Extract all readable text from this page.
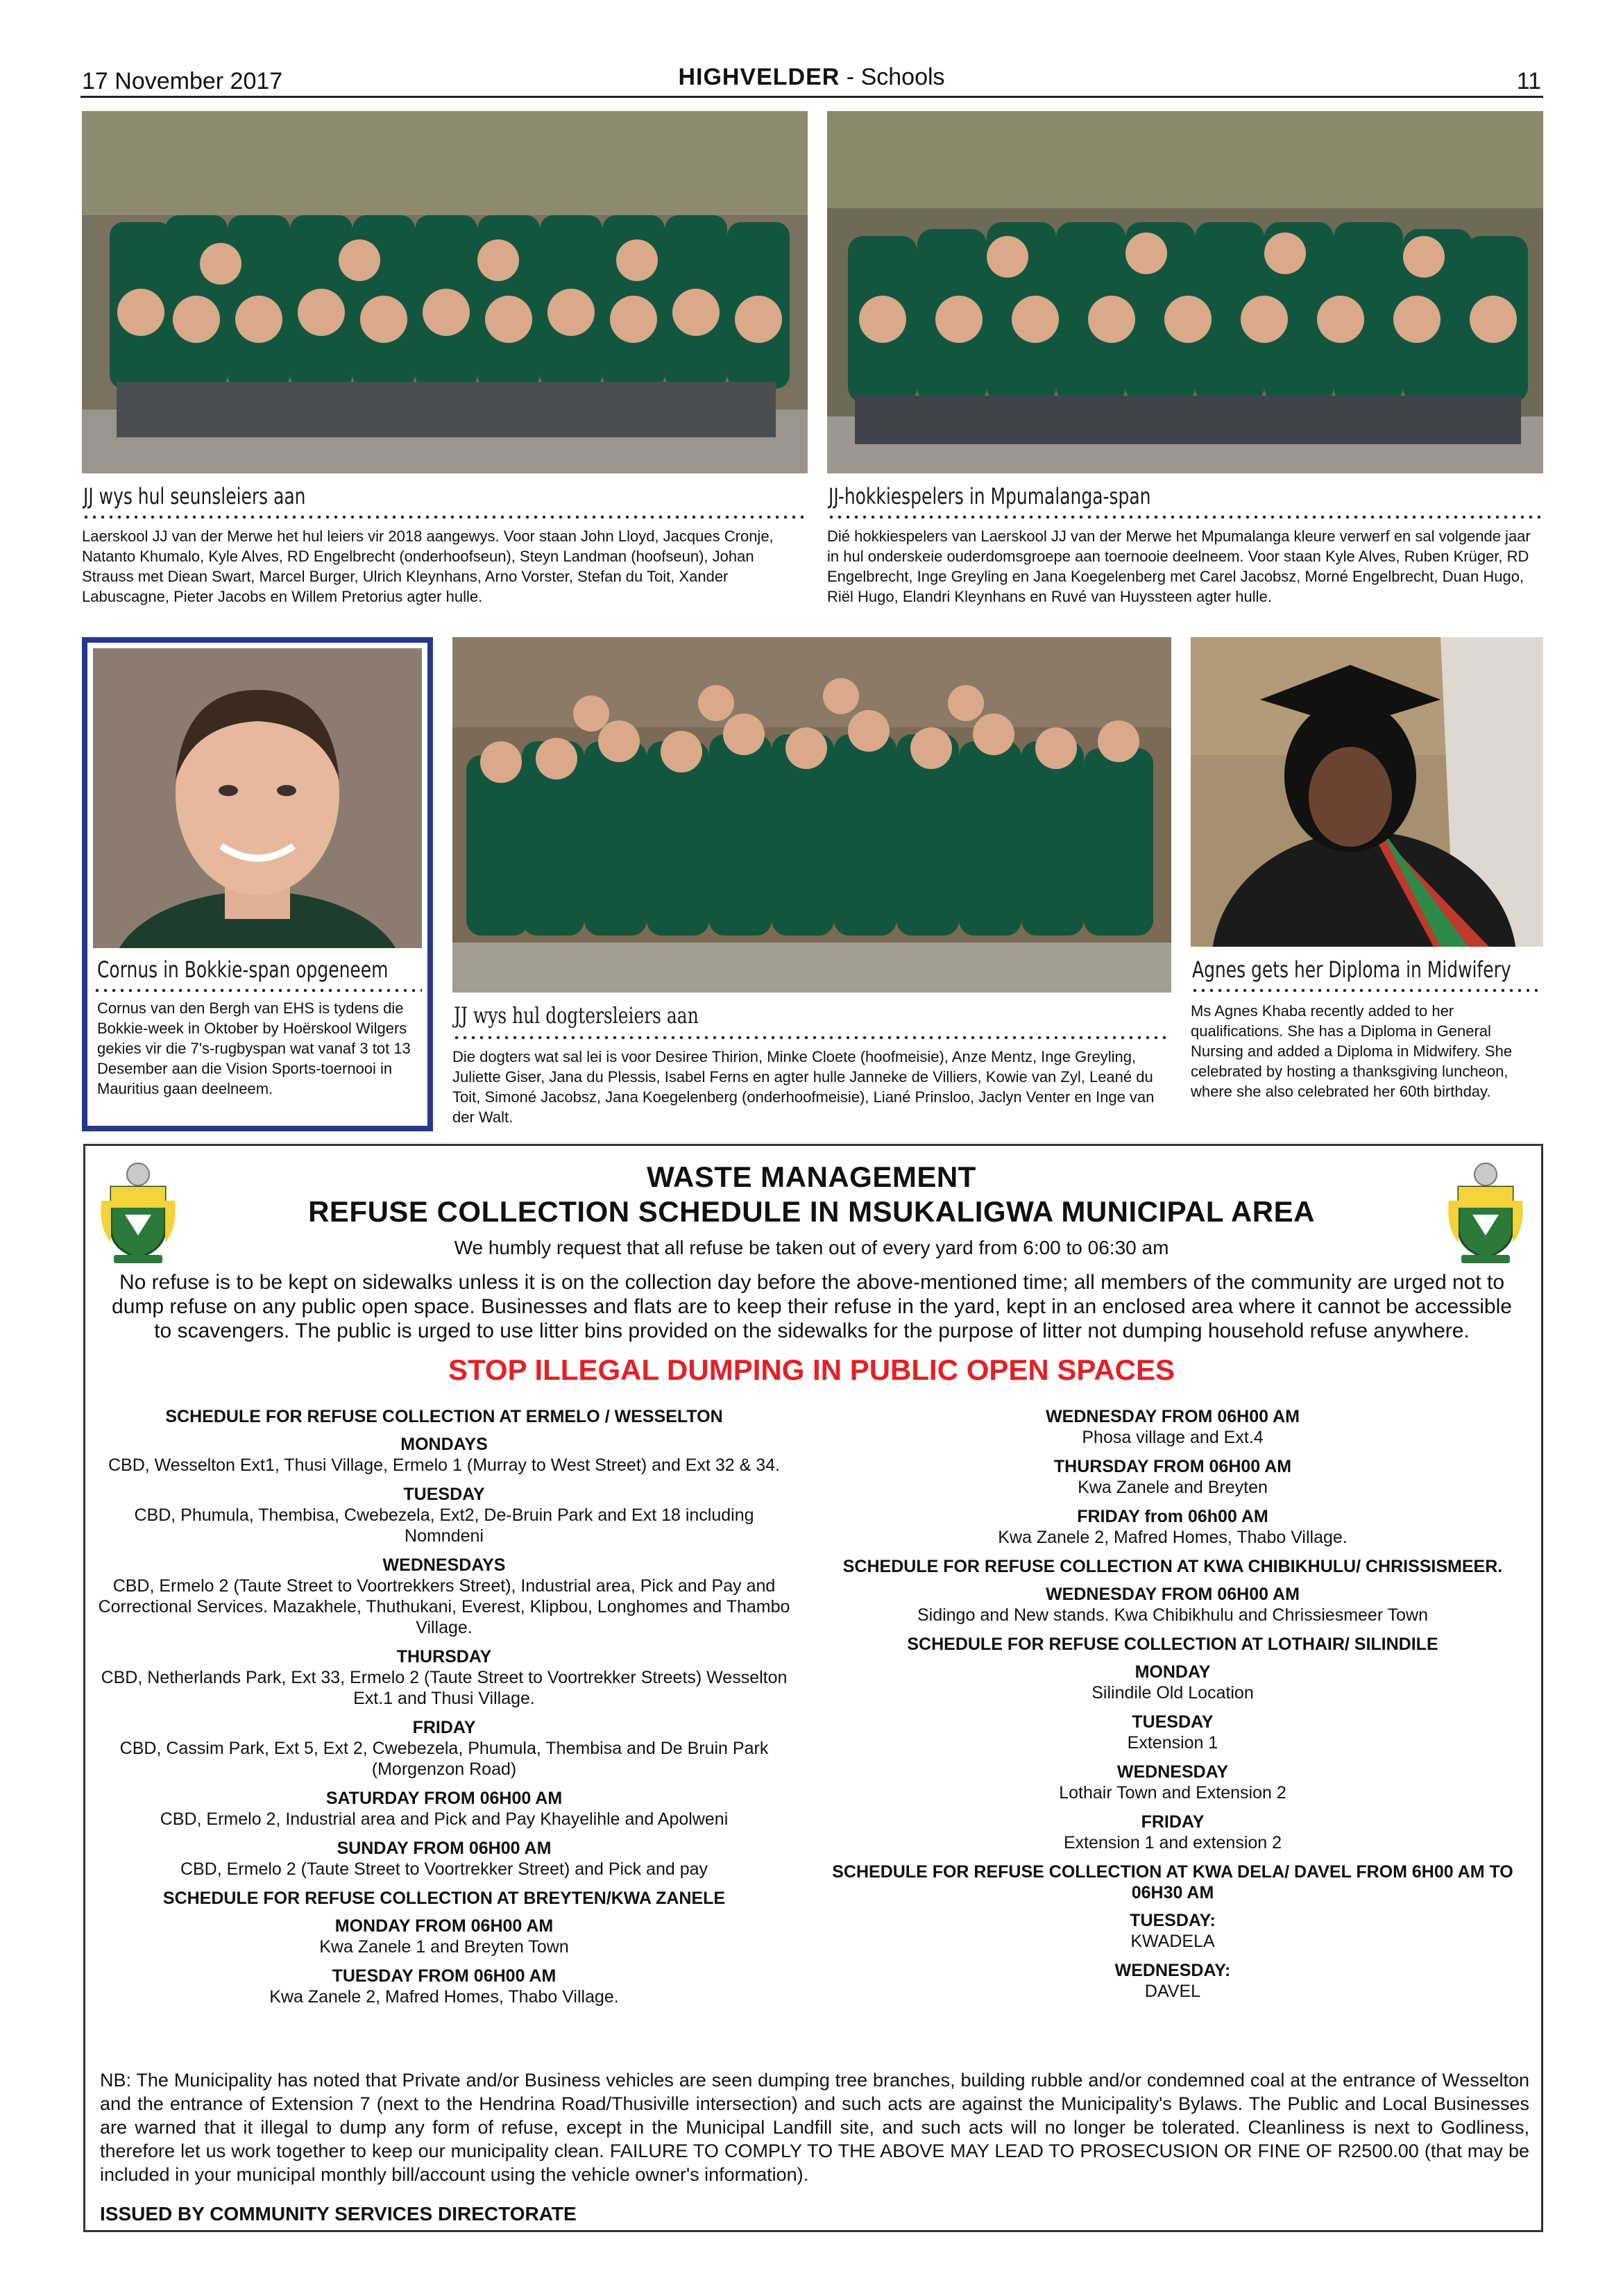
17 November 2017	HIGHVELDER - Schools	11
JJ wys hul seunsleiers aan
Laerskool JJ van der Merwe het hul leiers vir 2018 aangewys. Voor staan John Lloyd, Jacques Cronje, Natanto Khumalo, Kyle Alves, RD Engelbrecht (onderhoofseun), Steyn Landman (hoofseun), Johan Strauss met Diean Swart, Marcel Burger, Ulrich Kleynhans, Arno Vorster, Stefan du Toit, Xander Labuscagne, Pieter Jacobs en Willem Pretorius agter hulle.
JJ-hokkiespelers in Mpumalanga-span
Dié hokkiespelers van Laerskool JJ van der Merwe het Mpumalanga kleure verwerf en sal volgende jaar in hul onderskeie ouderdomsgroepe aan toernooie deelneem. Voor staan Kyle Alves, Ruben Krüger, RD Engelbrecht, Inge Greyling en Jana Koegelenberg met Carel Jacobsz, Morné Engelbrecht, Duan Hugo, Riël Hugo, Elandri Kleynhans en Ruvé van Huyssteen agter hulle.
Cornus in Bokkie-span opgeneem
Cornus van den Bergh van EHS is tydens die Bokkie-week in Oktober by Hoërskool Wilgers gekies vir die 7's-rugbyspan wat vanaf 3 tot 13 Desember aan die Vision Sports-toernooi in Mauritius gaan deelneem.
JJ wys hul dogtersleiers aan
Die dogters wat sal lei is voor Desiree Thirion, Minke Cloete (hoofmeisie), Anze Mentz, Inge Greyling, Juliette Giser, Jana du Plessis, Isabel Ferns en agter hulle Janneke de Villiers, Kowie van Zyl, Leané du Toit, Simoné Jacobsz, Jana Koegelenberg (onderhoofmeisie), Liané Prinsloo, Jaclyn Venter en Inge van der Walt.
Agnes gets her Diploma in Midwifery
Ms Agnes Khaba recently added to her qualifications. She has a Diploma in General Nursing and added a Diploma in Midwifery. She celebrated by hosting a thanksgiving luncheon, where she also celebrated her 60th birthday.
WASTE MANAGEMENT
REFUSE COLLECTION SCHEDULE IN MSUKALIGWA MUNICIPAL AREA
We humbly request that all refuse be taken out of every yard from 6:00 to 06:30 am
No refuse is to be kept on sidewalks unless it is on the collection day before the above-mentioned time; all members of the community are urged not to dump refuse on any public open space. Businesses and flats are to keep their refuse in the yard, kept in an enclosed area where it cannot be accessible to scavengers. The public is urged to use litter bins provided on the sidewalks for the purpose of litter not dumping household refuse anywhere.
STOP ILLEGAL DUMPING IN PUBLIC OPEN SPACES
SCHEDULE FOR REFUSE COLLECTION AT ERMELO / WESSELTON
MONDAYS
CBD, Wesselton Ext1, Thusi Village, Ermelo 1 (Murray to West Street) and Ext 32 & 34.
TUESDAY
CBD, Phumula, Thembisa, Cwebezela, Ext2, De-Bruin Park and Ext 18 including Nomndeni
WEDNESDAYS
CBD, Ermelo 2 (Taute Street to Voortrekkers Street), Industrial area, Pick and Pay and Correctional Services. Mazakhele, Thuthukani, Everest, Klipbou, Longhomes and Thambo Village.
THURSDAY
CBD, Netherlands Park, Ext 33, Ermelo 2 (Taute Street to Voortrekker Streets) Wesselton Ext.1 and Thusi Village.
FRIDAY
CBD, Cassim Park, Ext 5, Ext 2, Cwebezela, Phumula, Thembisa and De Bruin Park (Morgenzon Road)
SATURDAY FROM 06H00 AM
CBD, Ermelo 2, Industrial area and Pick and Pay Khayelihle and Apolweni
SUNDAY FROM 06H00 AM
CBD, Ermelo 2 (Taute Street to Voortrekker Street) and Pick and pay
SCHEDULE FOR REFUSE COLLECTION AT BREYTEN/KWA ZANELE
MONDAY FROM 06H00 AM
Kwa Zanele 1 and Breyten Town
TUESDAY FROM 06H00 AM
Kwa Zanele 2, Mafred Homes, Thabo Village.
WEDNESDAY FROM 06H00 AM
Phosa village and Ext.4
THURSDAY FROM 06H00 AM
Kwa Zanele and Breyten
FRIDAY from 06h00 AM
Kwa Zanele 2, Mafred Homes, Thabo Village.
SCHEDULE FOR REFUSE COLLECTION AT KWA CHIBIKHULU/ CHRISSISMEER.
WEDNESDAY FROM 06H00 AM
Sidingo and New stands. Kwa Chibikhulu and Chrissiesmeer Town
SCHEDULE FOR REFUSE COLLECTION AT LOTHAIR/ SILINDILE
MONDAY
Silindile Old Location
TUESDAY
Extension 1
WEDNESDAY
Lothair Town and Extension 2
FRIDAY
Extension 1 and extension 2
SCHEDULE FOR REFUSE COLLECTION AT KWA DELA/ DAVEL FROM 6H00 AM TO 06H30 AM
TUESDAY:
KWADELA
WEDNESDAY:
DAVEL
NB: The Municipality has noted that Private and/or Business vehicles are seen dumping tree branches, building rubble and/or condemned coal at the entrance of Wesselton and the entrance of Extension 7 (next to the Hendrina Road/Thusiville intersection) and such acts are against the Municipality's Bylaws. The Public and Local Businesses are warned that it illegal to dump any form of refuse, except in the Municipal Landfill site, and such acts will no longer be tolerated. Cleanliness is next to Godliness, therefore let us work together to keep our municipality clean. FAILURE TO COMPLY TO THE ABOVE MAY LEAD TO PROSECUSION OR FINE OF R2500.00 (that may be included in your municipal monthly bill/account using the vehicle owner's information).
ISSUED BY COMMUNITY SERVICES DIRECTORATE
